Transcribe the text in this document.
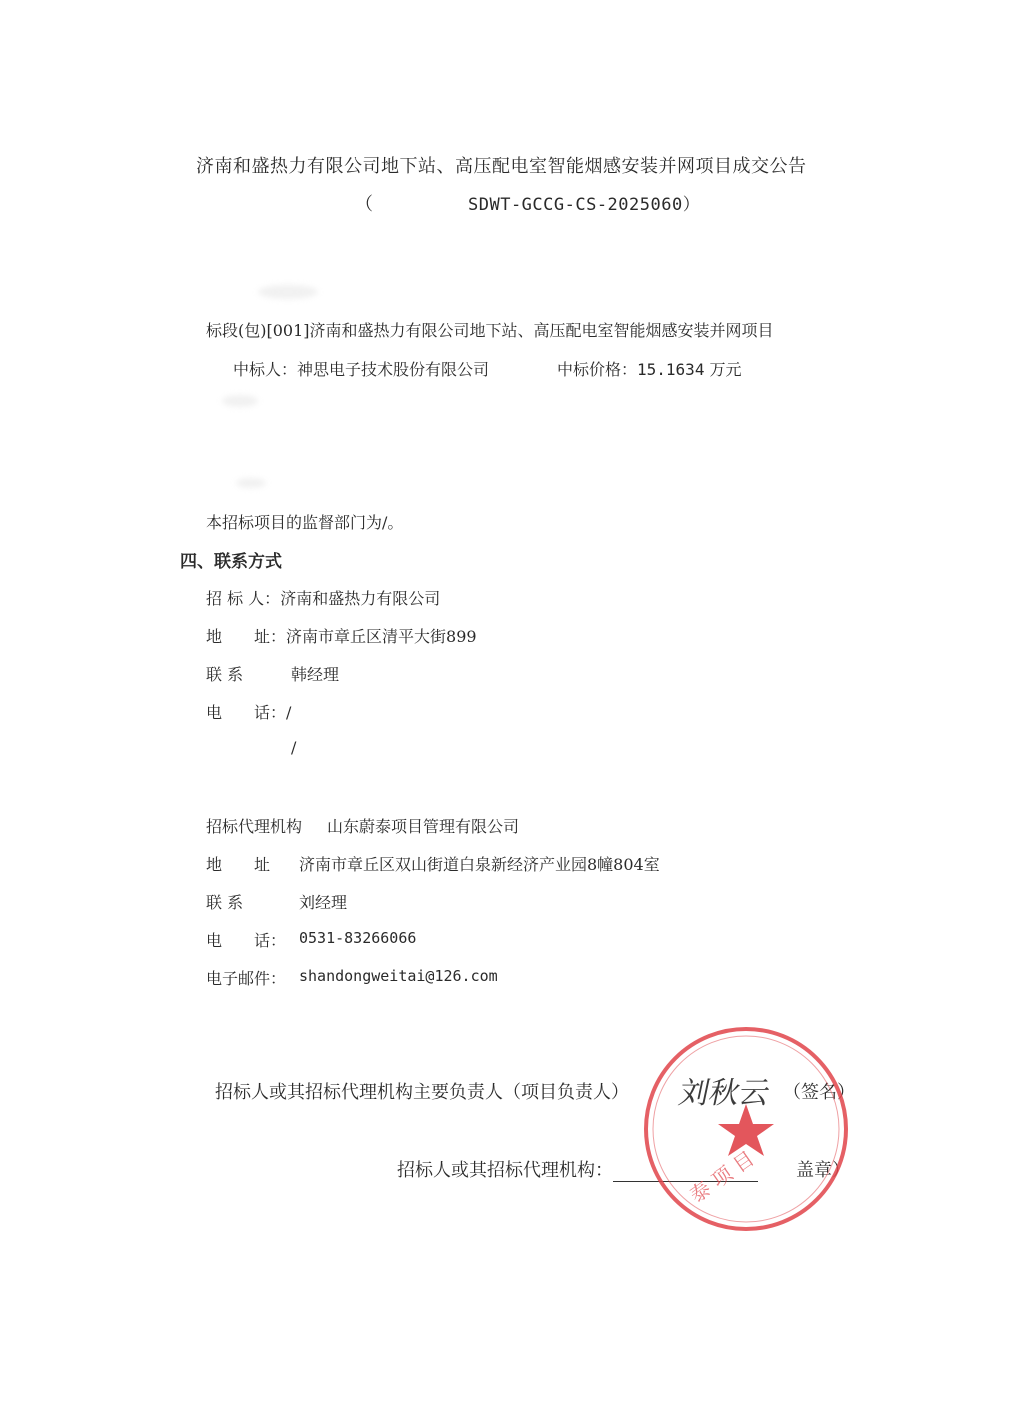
济南和盛热力有限公司地下站、高压配电室智能烟感安装并网项目成交公告
（	SDWT-GCCG-CS-2025060）
标段(包)[001]济南和盛热力有限公司地下站、高压配电室智能烟感安装并网项目
中标人：神思电子技术股份有限公司	中标价格：15.1634 万元
本招标项目的监督部门为/。
四、联系方式
招 标 人：济南和盛热力有限公司
地　　址：济南市章丘区清平大街899
联 系	韩经理
电　　话：/
/
招标代理机构 山东蔚泰项目管理有限公司
地　　址 济南市章丘区双山街道白泉新经济产业园8幢804室
联 系	刘经理
电　　话： 0531-83266066
电子邮件： shandongweitai@126.com
招标人或其招标代理机构主要负责人（项目负责人）	（签名）
招标人或其招标代理机构：	盖章）
泰 项 目
刘秋云
